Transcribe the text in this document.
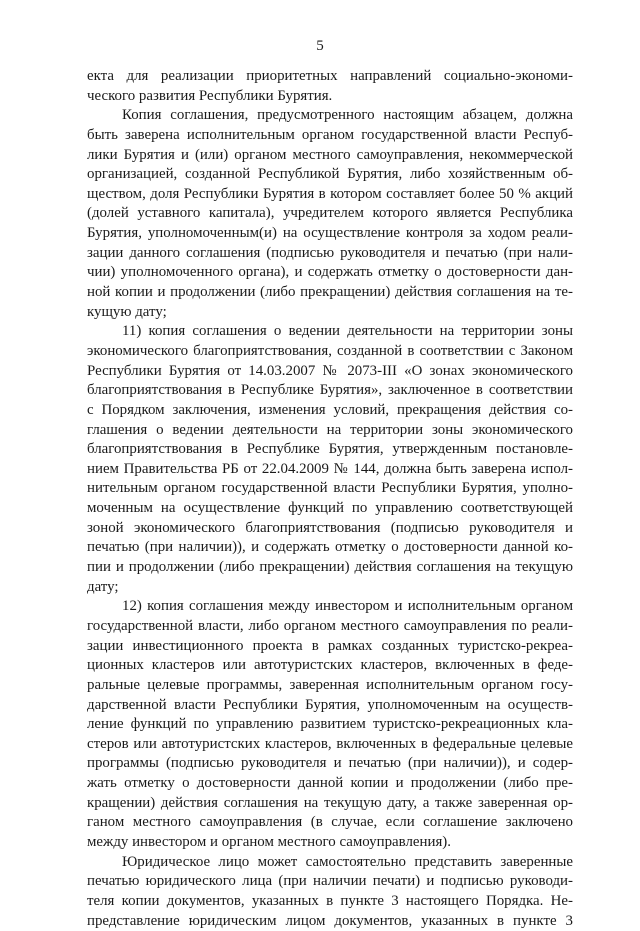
5
екта для реализации приоритетных направлений социально-экономи-
ческого развития Республики Бурятия.
Копия соглашения, предусмотренного настоящим абзацем, должна
быть заверена исполнительным органом государственной власти Респуб-
лики Бурятия и (или) органом местного самоуправления, некоммерческой
организацией, созданной Республикой Бурятия, либо хозяйственным об-
ществом, доля Республики Бурятия в котором составляет более 50 % акций
(долей уставного капитала), учредителем которого является Республика
Бурятия, уполномоченным(и) на осуществление контроля за ходом реали-
зации данного соглашения (подписью руководителя и печатью (при нали-
чии) уполномоченного органа), и содержать отметку о достоверности дан-
ной копии и продолжении (либо прекращении) действия соглашения на те-
кущую дату;
11) копия соглашения о ведении деятельности на территории зоны
экономического благоприятствования, созданной в соответствии с Законом
Республики Бурятия от 14.03.2007 № 2073-III «О зонах экономического
благоприятствования в Республике Бурятия», заключенное в соответствии
с Порядком заключения, изменения условий, прекращения действия со-
глашения о ведении деятельности на территории зоны экономического
благоприятствования в Республике Бурятия, утвержденным постановле-
нием Правительства РБ от 22.04.2009 № 144, должна быть заверена испол-
нительным органом государственной власти Республики Бурятия, уполно-
моченным на осуществление функций по управлению соответствующей
зоной экономического благоприятствования (подписью руководителя и
печатью (при наличии)), и содержать отметку о достоверности данной ко-
пии и продолжении (либо прекращении) действия соглашения на текущую
дату;
12) копия соглашения между инвестором и исполнительным органом
государственной власти, либо органом местного самоуправления по реали-
зации инвестиционного проекта в рамках созданных туристско-рекреа-
ционных кластеров или автотуристских кластеров, включенных в феде-
ральные целевые программы, заверенная исполнительным органом госу-
дарственной власти Республики Бурятия, уполномоченным на осуществ-
ление функций по управлению развитием туристско-рекреационных кла-
стеров или автотуристских кластеров, включенных в федеральные целевые
программы (подписью руководителя и печатью (при наличии)), и содер-
жать отметку о достоверности данной копии и продолжении (либо пре-
кращении) действия соглашения на текущую дату, а также заверенная ор-
ганом местного самоуправления (в случае, если соглашение заключено
между инвестором и органом местного самоуправления).
Юридическое лицо может самостоятельно представить заверенные
печатью юридического лица (при наличии печати) и подписью руководи-
теля копии документов, указанных в пункте 3 настоящего Порядка. Не-
представление юридическим лицом документов, указанных в пункте 3
